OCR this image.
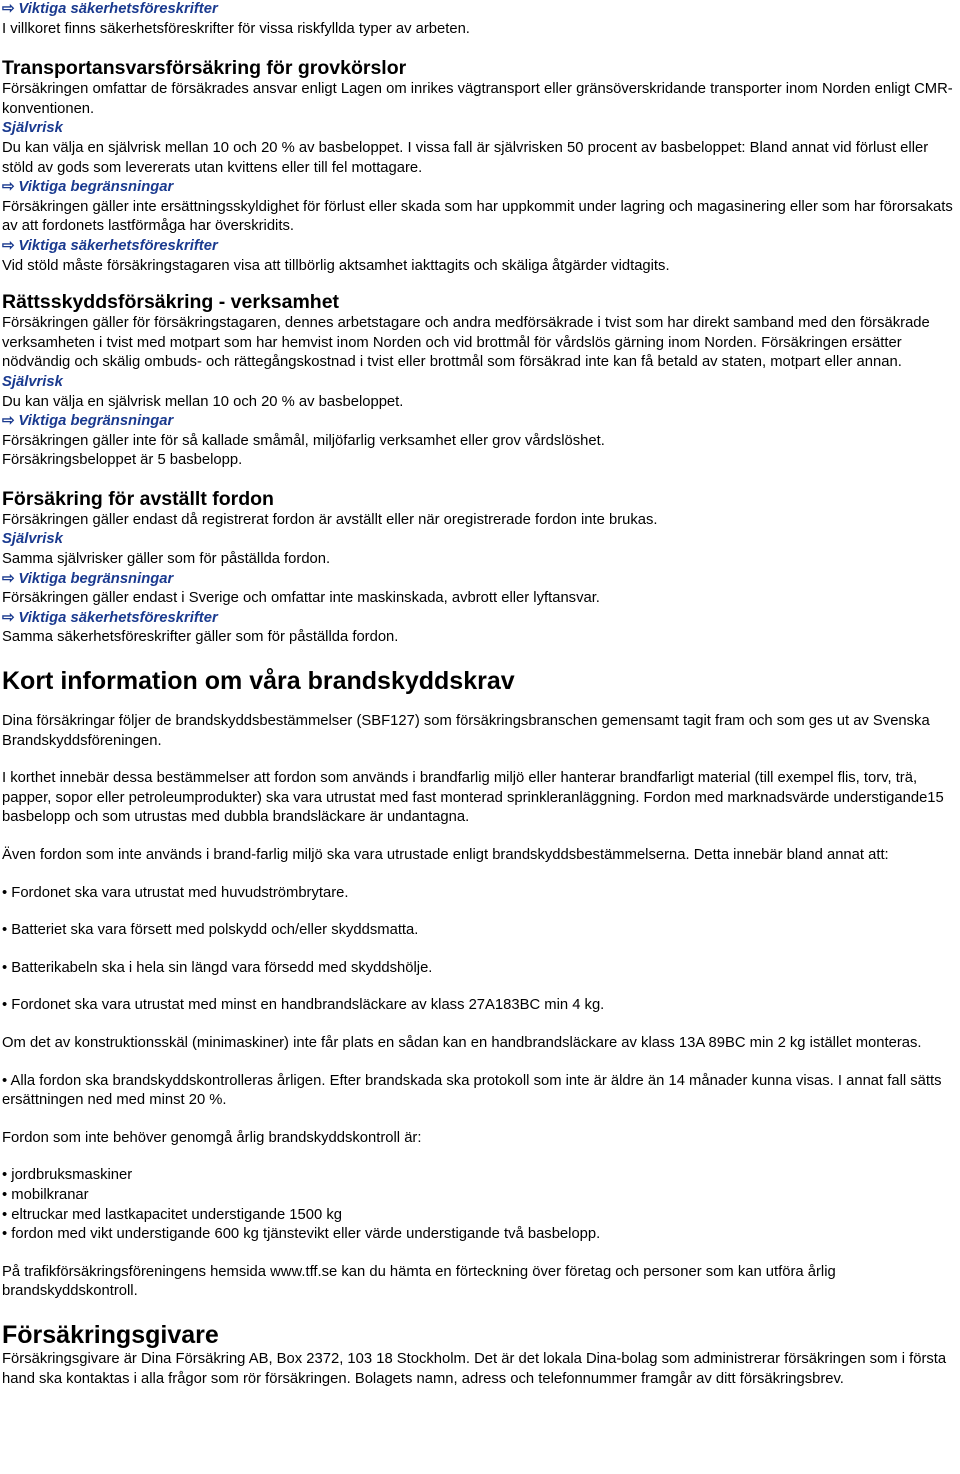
⇨ Viktiga säkerhetsföreskrifter

I villkoret finns säkerhetsföreskrifter för vissa riskfyllda typer av arbeten.

Transportansvarsförsäkring för grovkörslor

Försäkringen omfattar de försäkrades ansvar enligt Lagen om inrikes vägtransport eller gränsöverskridande transporter inom Norden enligt CMR-konventionen.

Självrisk

Du kan välja en självrisk mellan 10 och 20 % av basbeloppet. I vissa fall är självrisken 50 procent av basbeloppet: Bland annat vid förlust eller stöld av gods som levererats utan kvittens eller till fel mottagare.

⇨ Viktiga begränsningar

Försäkringen gäller inte ersättningsskyldighet för förlust eller skada som har uppkommit under lagring och magasinering eller som har förorsakats av att fordonets lastförmåga har överskridits.

⇨ Viktiga säkerhetsföreskrifter

Vid stöld måste försäkringstagaren visa att tillbörlig aktsamhet iakttagits och skäliga åtgärder vidtagits.

Rättsskyddsförsäkring - verksamhet

Försäkringen gäller för försäkringstagaren, dennes arbetstagare och andra medförsäkrade i tvist som har direkt samband med den försäkrade verksamheten i tvist med motpart som har hemvist inom Norden och vid brottmål för vårdslös gärning inom Norden. Försäkringen ersätter nödvändig och skälig ombuds- och rättegångskostnad i tvist eller brottmål som försäkrad inte kan få betald av staten, motpart eller annan.

Självrisk

Du kan välja en självrisk mellan 10 och 20 % av basbeloppet.

⇨ Viktiga begränsningar

Försäkringen gäller inte för så kallade småmål, miljöfarlig verksamhet eller grov vårdslöshet.

Försäkringsbeloppet är 5 basbelopp.

Försäkring för avställt fordon

Försäkringen gäller endast då registrerat fordon är avställt eller när oregistrerade fordon inte brukas.

Självrisk

Samma självrisker gäller som för påställda fordon.

⇨ Viktiga begränsningar

Försäkringen gäller endast i Sverige och omfattar inte maskinskada, avbrott eller lyftansvar.

⇨ Viktiga säkerhetsföreskrifter

Samma säkerhetsföreskrifter gäller som för påställda fordon.

Kort information om våra brandskyddskrav

Dina försäkringar följer de brandskyddsbestämmelser (SBF127) som försäkringsbranschen gemensamt tagit fram och som ges ut av Svenska Brandskyddsföreningen.

I korthet innebär dessa bestämmelser att fordon som används i brandfarlig miljö eller hanterar brandfarligt material (till exempel flis, torv, trä, papper, sopor eller petroleumprodukter) ska vara utrustat med fast monterad sprinkleranläggning. Fordon med marknadsvärde understigande15 basbelopp och som utrustas med dubbla brandsläckare är undantagna.

Även fordon som inte används i brand-farlig miljö ska vara utrustade enligt brandskyddsbestämmelserna. Detta innebär bland annat att:

• Fordonet ska vara utrustat med huvudströmbrytare.

• Batteriet ska vara försett med polskydd och/eller skyddsmatta.

• Batterikabeln ska i hela sin längd vara försedd med skyddshölje.

• Fordonet ska vara utrustat med minst en handbrandsläckare av klass 27A183BC min 4 kg.

Om det av konstruktionsskäl (minimaskiner) inte får plats en sådan kan en handbrandsläckare av klass 13A 89BC min 2 kg istället monteras.

• Alla fordon ska brandskyddskontrolleras årligen. Efter brandskada ska protokoll som inte är äldre än 14 månader kunna visas. I annat fall sätts ersättningen ned med minst 20 %.

Fordon som inte behöver genomgå årlig brandskyddskontroll är:

• jordbruksmaskiner

• mobilkranar

• eltruckar med lastkapacitet understigande 1500 kg

• fordon med vikt understigande 600 kg tjänstevikt eller värde understigande två basbelopp.

På trafikförsäkringsföreningens hemsida www.tff.se kan du hämta en förteckning över företag och personer som kan utföra årlig brandskyddskontroll.

Försäkringsgivare

Försäkringsgivare är Dina Försäkring AB, Box 2372, 103 18 Stockholm. Det är det lokala Dina-bolag som administrerar försäkringen som i första hand ska kontaktas i alla frågor som rör försäkringen. Bolagets namn, adress och telefonnummer framgår av ditt försäkringsbrev.
